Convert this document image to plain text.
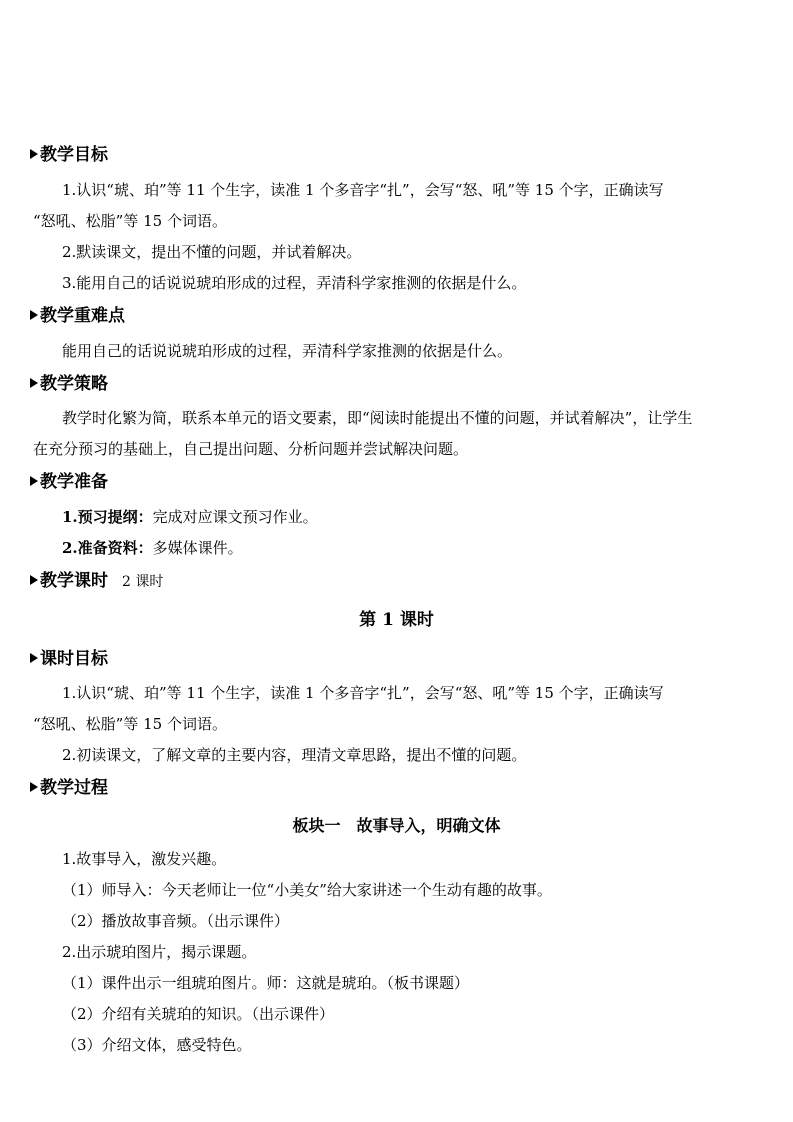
教学目标
1.认识“琥、珀”等 11 个生字，读准 1 个多音字“扎”，会写“怒、吼”等 15 个字，正确读写
“怒吼、松脂”等 15 个词语。
2.默读课文，提出不懂的问题，并试着解决。
3.能用自己的话说说琥珀形成的过程，弄清科学家推测的依据是什么。
教学重难点
能用自己的话说说琥珀形成的过程，弄清科学家推测的依据是什么。
教学策略
教学时化繁为简，联系本单元的语文要素，即“阅读时能提出不懂的问题，并试着解决”，让学生
在充分预习的基础上，自己提出问题、分析问题并尝试解决问题。
教学准备
1.预习提纲：完成对应课文预习作业。
2.准备资料：多媒体课件。
教学课时 2 课时
第 1 课时
课时目标
1.认识“琥、珀”等 11 个生字，读准 1 个多音字“扎”，会写“怒、吼”等 15 个字，正确读写
“怒吼、松脂”等 15 个词语。
2.初读课文，了解文章的主要内容，理清文章思路，提出不懂的问题。
教学过程
板块一　故事导入，明确文体
1.故事导入，激发兴趣。
（1）师导入：今天老师让一位“小美女”给大家讲述一个生动有趣的故事。
（2）播放故事音频。（出示课件）
2.出示琥珀图片，揭示课题。
（1）课件出示一组琥珀图片。师：这就是琥珀。（板书课题）
（2）介绍有关琥珀的知识。（出示课件）
（3）介绍文体，感受特色。
